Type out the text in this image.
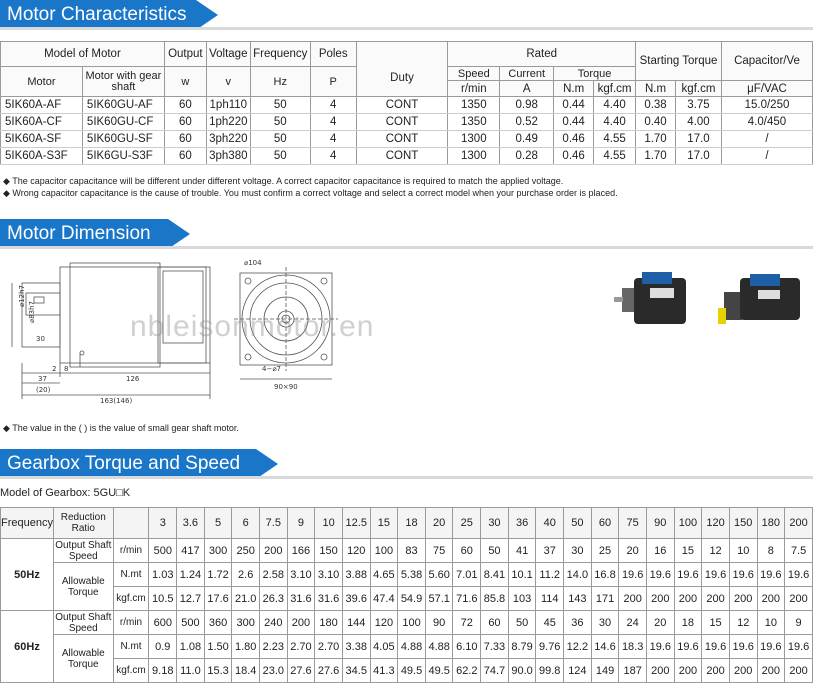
Motor Characteristics
Motor Dimension
Gearbox Torque and Speed
Model of Motor		Output	Voltage	Frequency	Poles	Duty	Rated				Starting Torque		Capacitor/Ve
Motor	Motor with gear shaft	w	v	Hz	P		Speed	Current	Torque				
							r/min	A	N.m	kgf.cm	N.m	kgf.cm	μF/VAC
5IK60A-AF	5IK60GU-AF	60	1ph110	50	4	CONT	1350	0.98	0.44	4.40	0.38	3.75	15.0/250
5IK60A-CF	5IK60GU-CF	60	1ph220	50	4	CONT	1350	0.52	0.44	4.40	0.40	4.00	4.0/450
5IK60A-SF	5IK60GU-SF	60	3ph220	50	4	CONT	1300	0.49	0.46	4.55	1.70	17.0	/
5IK60A-S3F	5IK6GU-S3F	60	3ph380	50	4	CONT	1300	0.28	0.46	4.55	1.70	17.0	/
◆ The capacitor capacitance will be different under different voltage. A correct capacitor capacitance is required to match the applied voltage.
◆ Wrong capacitor capacitance is the cause of trouble. You must confirm a correct voltage and select a correct model when your purchase order is placed.
⌀104
⌀83h7
⌀12h7
30
4−⌀7
90×90
2 8
37	126
(20)
163(146)
nbleisonmotor.en
◆ The value in the ( ) is the value of small gear shaft motor.
Model of Gearbox: 5GU□K
Frequency	Reduction Ratio		3	3.6	5	6	7.5	9	10	12.5	15	18	20	25	30	36	40	50	60	75	90	100	120	150	180	200
50Hz	Output Shaft Speed	r/min	500	417	300	250	200	166	150	120	100	83	75	60	50	41	37	30	25	20	16	15	12	10	8	7.5
	Allowable Torque	N.mt	1.03	1.24	1.72	2.6	2.58	3.10	3.10	3.88	4.65	5.38	5.60	7.01	8.41	10.1	11.2	14.0	16.8	19.6	19.6	19.6	19.6	19.6	19.6	19.6
		kgf.cm	10.5	12.7	17.6	21.0	26.3	31.6	31.6	39.6	47.4	54.9	57.1	71.6	85.8	103	114	143	171	200	200	200	200	200	200	200
60Hz	Output Shaft Speed	r/min	600	500	360	300	240	200	180	144	120	100	90	72	60	50	45	36	30	24	20	18	15	12	10	9
	Allowable Torque	N.mt	0.9	1.08	1.50	1.80	2.23	2.70	2.70	3.38	4.05	4.88	4.88	6.10	7.33	8.79	9.76	12.2	14.6	18.3	19.6	19.6	19.6	19.6	19.6	19.6
		kgf.cm	9.18	11.0	15.3	18.4	23.0	27.6	27.6	34.5	41.3	49.5	49.5	62.2	74.7	90.0	99.8	124	149	187	200	200	200	200	200	200
